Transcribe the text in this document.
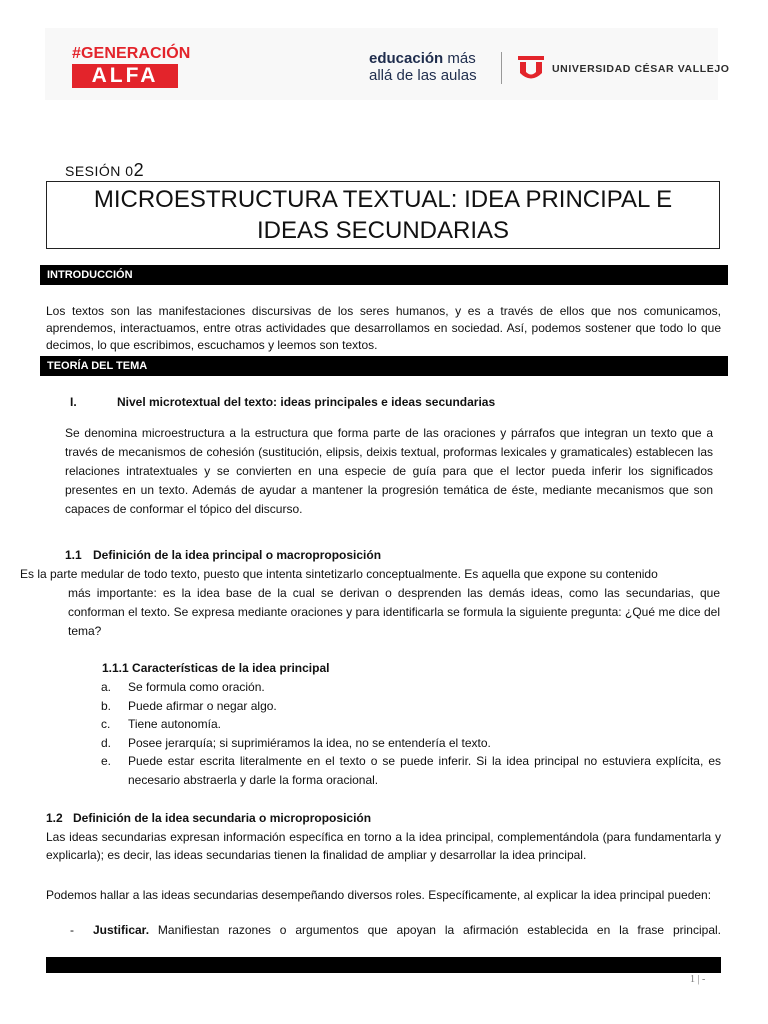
#GENERACIÓN
ALFA
educación más
allá de las aulas	UNIVERSIDAD CÉSAR VALLEJO
SESIÓN 02
MICROESTRUCTURA TEXTUAL: IDEA PRINCIPAL E IDEAS SECUNDARIAS
INTRODUCCIÓN
Los textos son las manifestaciones discursivas de los seres humanos, y es a través de ellos que nos comunicamos, aprendemos, interactuamos, entre otras actividades que desarrollamos en sociedad. Así, podemos sostener que todo lo que decimos, lo que escribimos, escuchamos y leemos son textos.
TEORÍA DEL TEMA
I.	Nivel microtextual del texto: ideas principales e ideas secundarias
Se denomina microestructura a la estructura que forma parte de las oraciones y párrafos que integran un texto que a través de mecanismos de cohesión (sustitución, elipsis, deixis textual, proformas lexicales y gramaticales) establecen las relaciones intratextuales y se convierten en una especie de guía para que el lector pueda inferir los significados presentes en un texto. Además de ayudar a mantener la progresión temática de éste, mediante mecanismos que son capaces de conformar el tópico del discurso.
1.1 Definición de la idea principal o macroproposición
Es la parte medular de todo texto, puesto que intenta sintetizarlo conceptualmente. Es aquella que expone su contenido
más importante: es la idea base de la cual se derivan o desprenden las demás ideas, como las secundarias, que conforman el texto. Se expresa mediante oraciones y para identificarla se formula la siguiente pregunta: ¿Qué me dice del tema?
1.1.1 Características de la idea principal
a. Se formula como oración.
b. Puede afirmar o negar algo.
c. Tiene autonomía.
d. Posee jerarquía; si suprimiéramos la idea, no se entendería el texto.
e. Puede estar escrita literalmente en el texto o se puede inferir. Si la idea principal no estuviera explícita, es necesario abstraerla y darle la forma oracional.
1.2 Definición de la idea secundaria o microproposición
Las ideas secundarias expresan información específica en torno a la idea principal, complementándola (para fundamentarla y explicarla); es decir, las ideas secundarias tienen la finalidad de ampliar y desarrollar la idea principal.
Podemos hallar a las ideas secundarias desempeñando diversos roles. Específicamente, al explicar la idea principal pueden:
- Justificar. Manifiestan razones o argumentos que apoyan la afirmación establecida en la frase principal.
1 | -
